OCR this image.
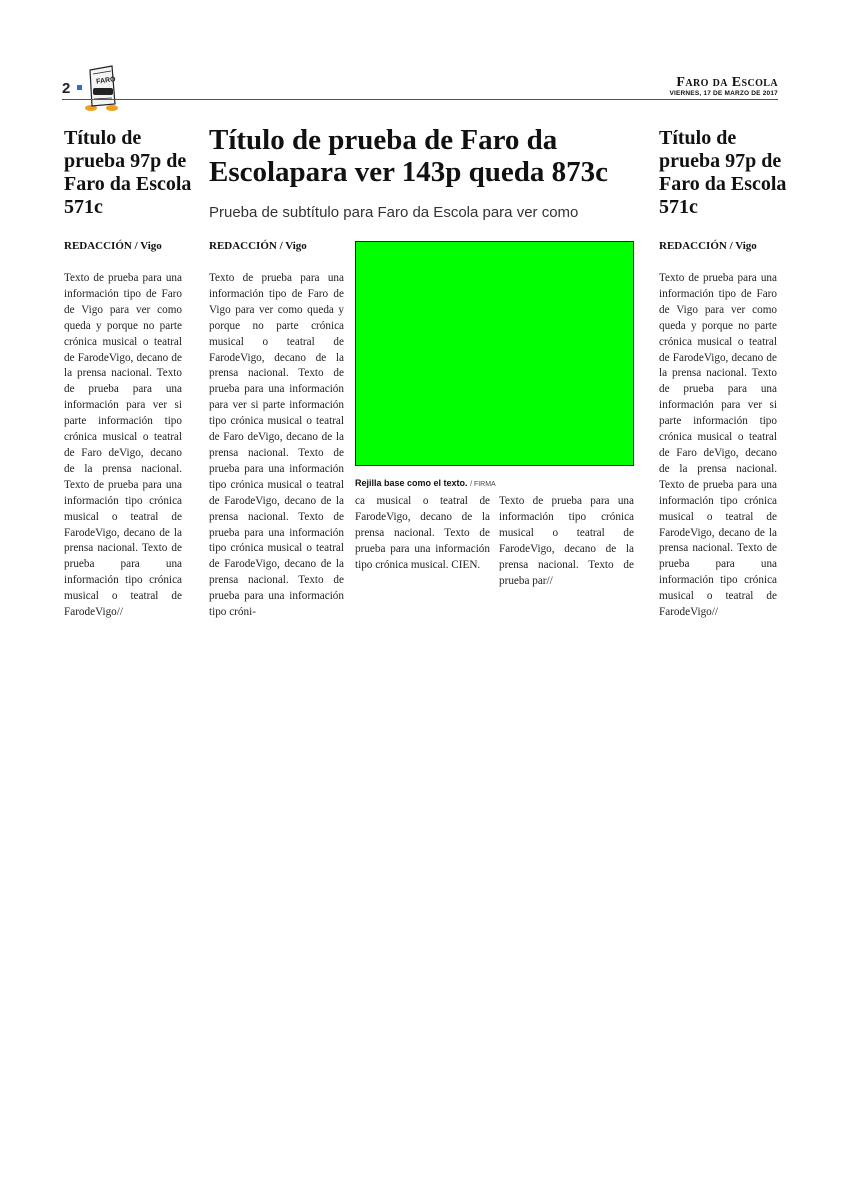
2	FARO	Faro da Escola
VIERNES, 17 DE MARZO DE 2017
Título de prueba 97p de Faro da Escola 571c
REDACCIÓN / Vigo

Texto de prueba para una información tipo de Faro de Vigo para ver como queda y porque no parte crónica musical o teatral de FarodeVigo, decano de la prensa nacional. Texto de prueba para una información para ver si parte información tipo crónica musical o teatral de Faro deVigo, decano de la prensa nacional. Texto de prueba para una información tipo crónica musical o teatral de FarodeVigo, decano de la prensa nacional. Texto de prueba para una información tipo crónica musical o teatral de FarodeVigo//

Título de prueba de Faro da Escolapara ver 143p queda 873c
Prueba de subtítulo para Faro da Escola para ver como
REDACCIÓN / Vigo

Texto de prueba para una información tipo de Faro de Vigo para ver como queda y porque no parte crónica musical o teatral de FarodeVigo, decano de la prensa nacional. Texto de prueba para una información para ver si parte información tipo crónica musical o teatral de Faro deVigo, decano de la prensa nacional. Texto de prueba para una información tipo crónica musical o teatral de FarodeVigo, decano de la prensa nacional. Texto de prueba para una información tipo crónica musical o teatral de FarodeVigo, decano de la prensa nacional. Texto de prueba para una información tipo cróni-

Rejilla base como el texto. / FIRMA

ca musical o teatral de FarodeVigo, decano de la prensa nacional. Texto de prueba para una información tipo crónica musical. CIEN.

Texto de prueba para una información tipo crónica musical o teatral de FarodeVigo, decano de la prensa nacional. Texto de prueba par//

Título de prueba 97p de Faro da Escola 571c
REDACCIÓN / Vigo

Texto de prueba para una información tipo de Faro de Vigo para ver como queda y porque no parte crónica musical o teatral de FarodeVigo, decano de la prensa nacional. Texto de prueba para una información para ver si parte información tipo crónica musical o teatral de Faro deVigo, decano de la prensa nacional. Texto de prueba para una información tipo crónica musical o teatral de FarodeVigo, decano de la prensa nacional. Texto de prueba para una información tipo crónica musical o teatral de FarodeVigo//
